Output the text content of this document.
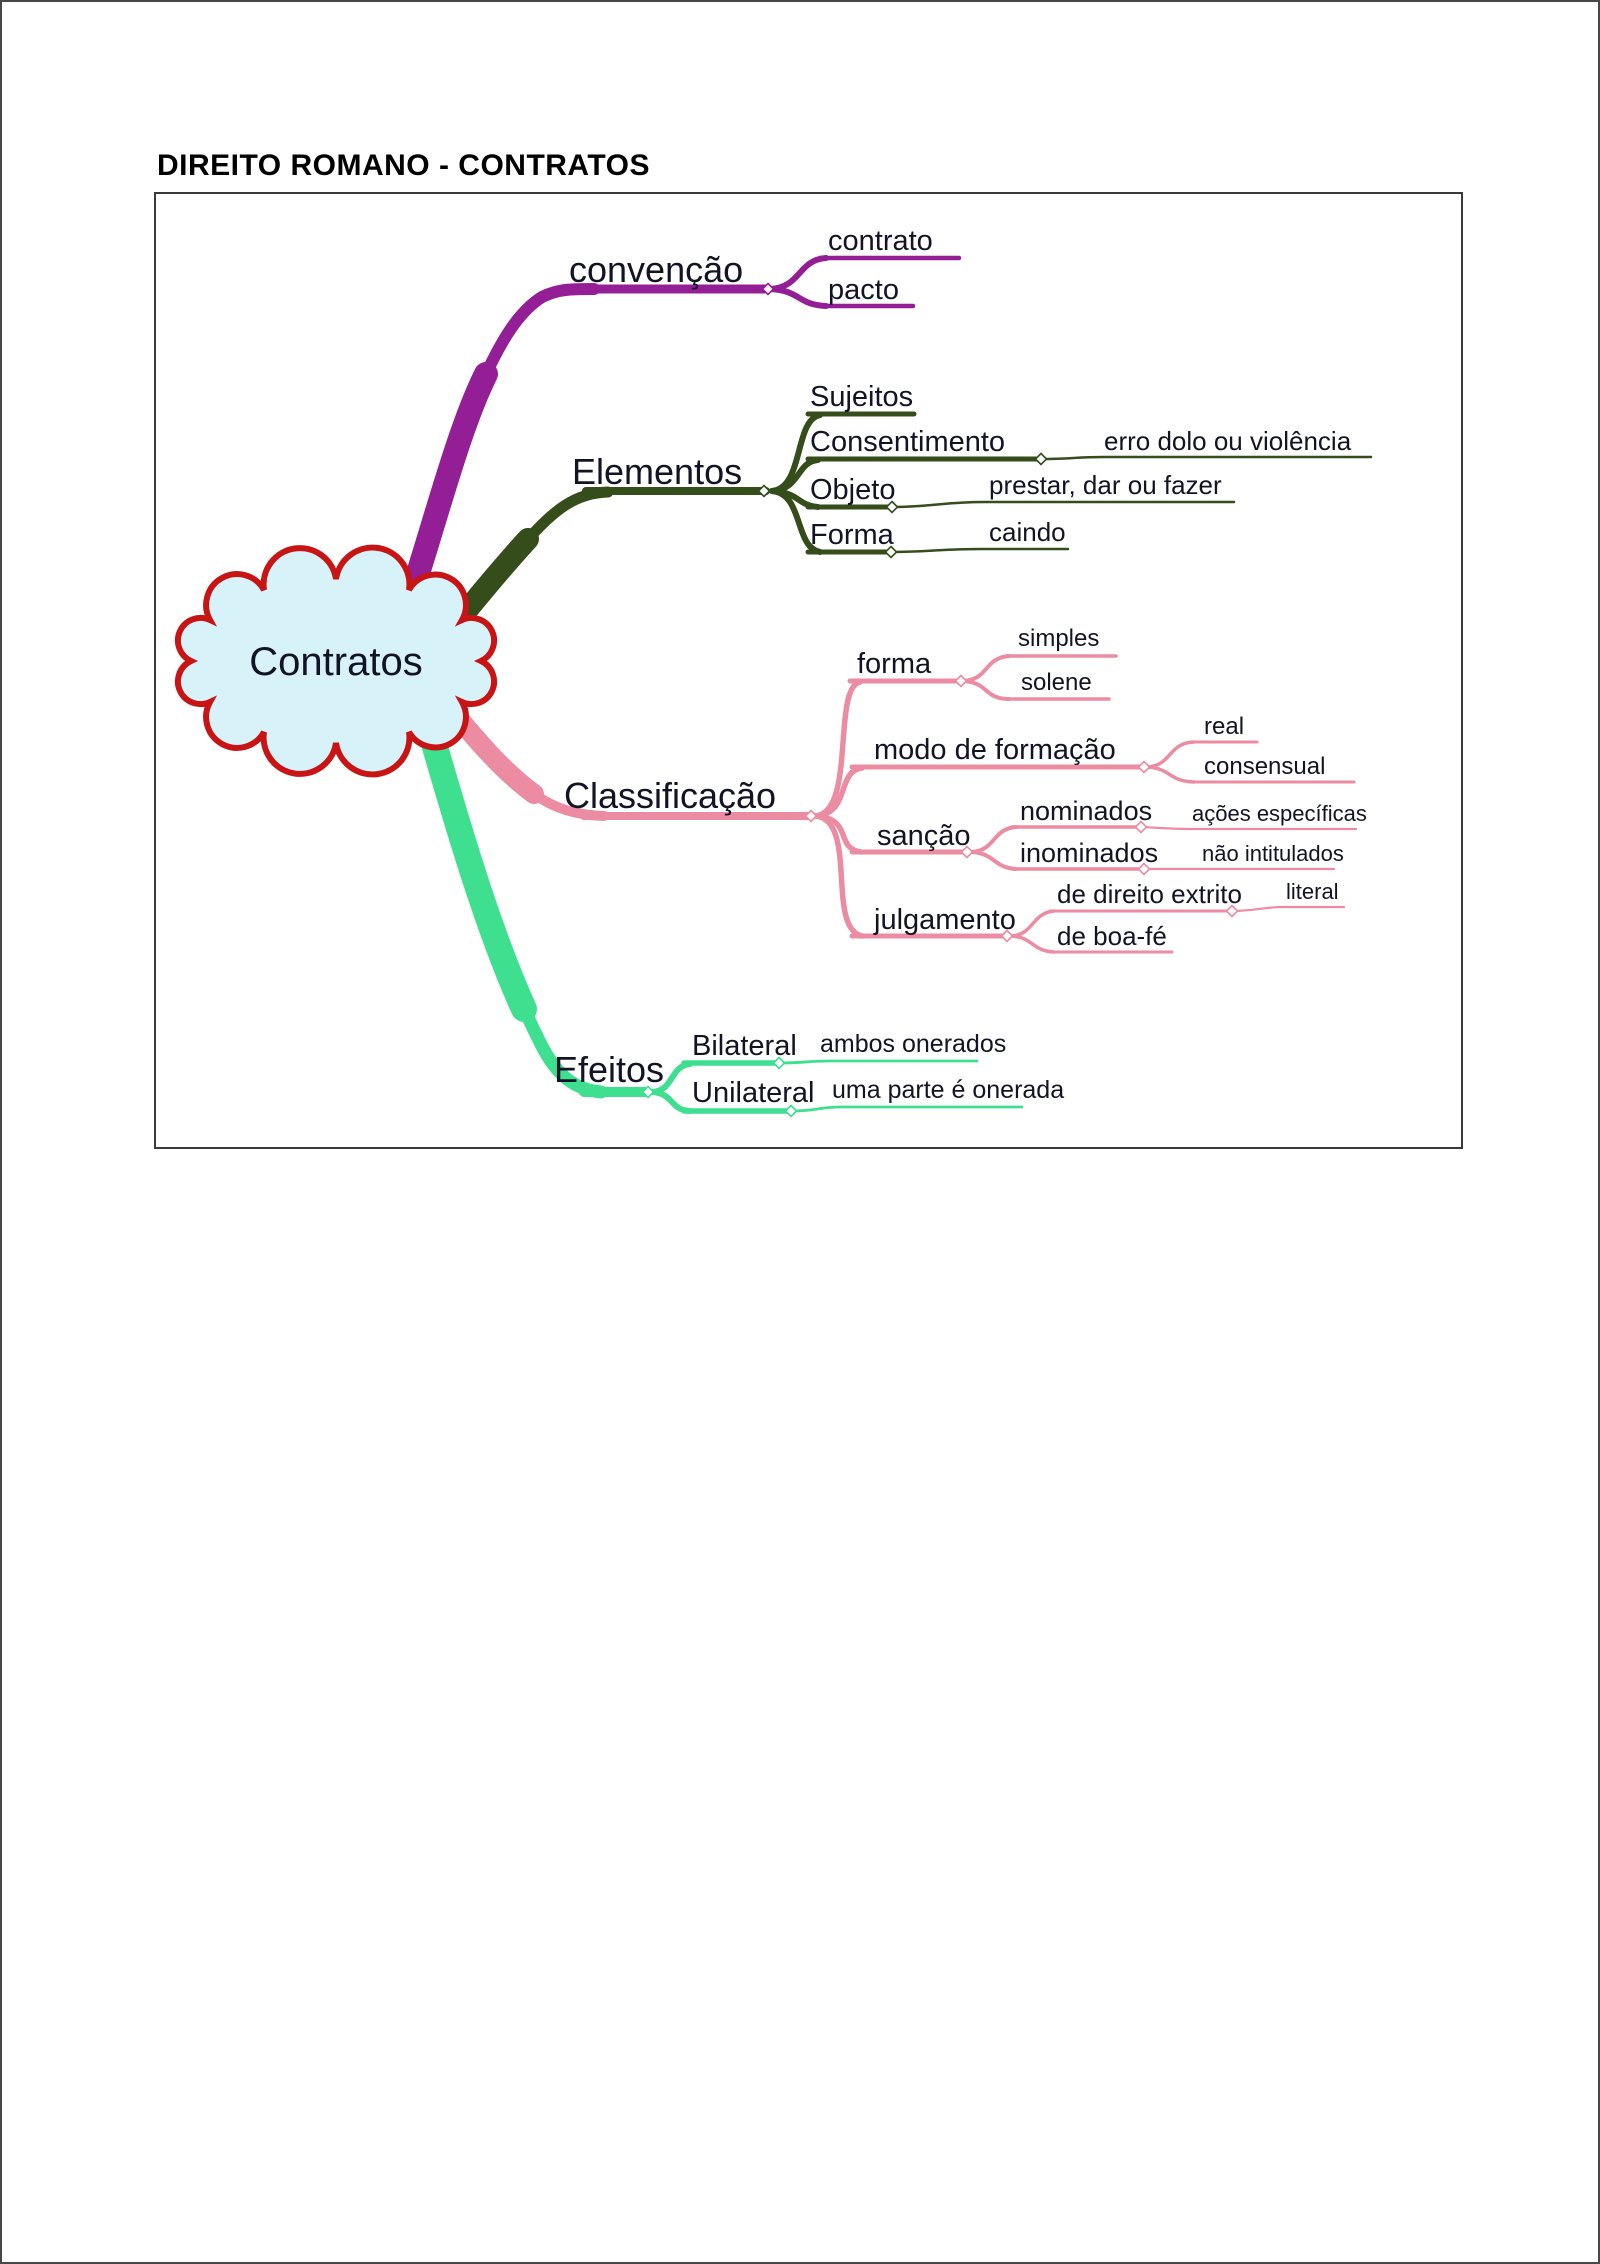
DIREITO ROMANO - CONTRATOS
Contratos
convenção
contrato
pacto
Elementos
Sujeitos
Consentimento	erro dolo ou violência
Objeto	prestar, dar ou fazer
Forma	caindo
Classificação
forma
simples
solene
modo de formação
real
consensual
sanção
nominados ações específicas
inominados não intitulados
julgamento
de direito extrito literal
de boa-fé
Efeitos
Bilateral ambos onerados
Unilateral uma parte é onerada
